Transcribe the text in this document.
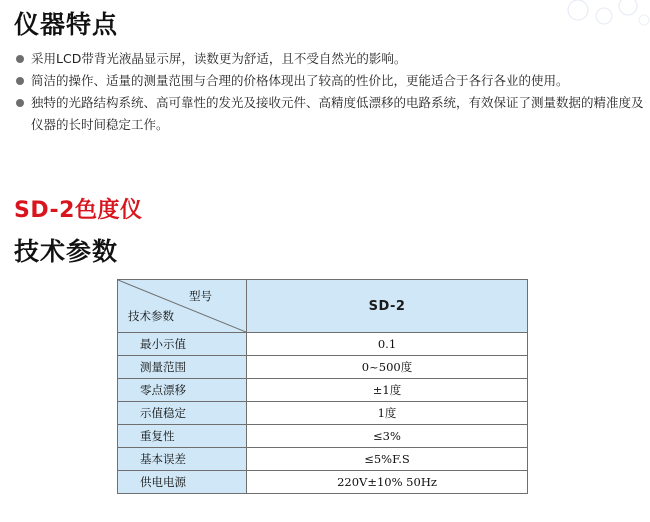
仪器特点
采用LCD带背光液晶显示屏，读数更为舒适，且不受自然光的影响。
简洁的操作、适量的测量范围与合理的价格体现出了较高的性价比，更能适合于各行各业的使用。
独特的光路结构系统、高可靠性的发光及接收元件、高精度低漂移的电路系统，有效保证了测量数据的精准度及仪器的长时间稳定工作。
SD-2色度仪
技术参数
型号
技术参数	SD-2
最小示值	0.1
测量范围	0~500度
零点漂移	±1度
示值稳定	1度
重复性	≤3%
基本误差	≤5%F.S
供电电源	220V±10% 50Hz
